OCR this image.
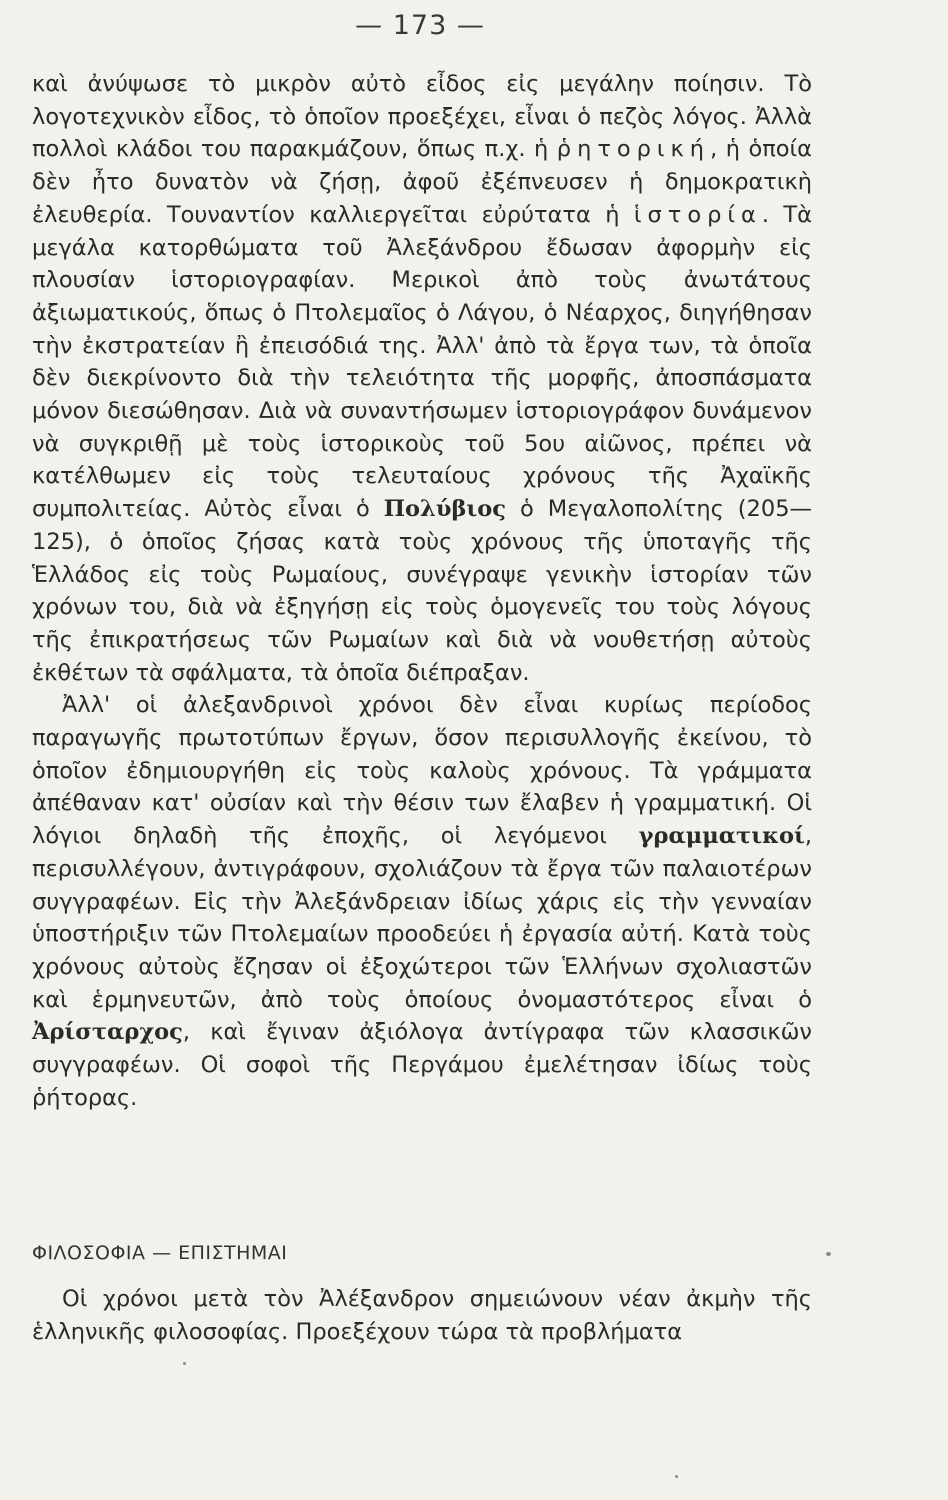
— 173 —

καὶ ἀνύψωσε τὸ μικρὸν αὐτὸ εἶδος εἰς μεγάλην ποίησιν. Τὸ λογοτεχνικὸν εἶδος, τὸ ὁποῖον προεξέχει, εἶναι ὁ πεζὸς λόγος. Ἀλλὰ πολλοὶ κλάδοι του παρακμάζουν, ὅπως π.χ. ἡ ῥητορική, ἡ ὁποία δὲν ἦτο δυνατὸν νὰ ζήσῃ, ἀφοῦ ἐξέπνευσεν ἡ δημοκρατικὴ ἐλευθερία. Τουναντίον καλλιεργεῖται εὐρύτατα ἡ ἱστορία. Τὰ μεγάλα κατορθώματα τοῦ Ἀλεξάνδρου ἔδωσαν ἀφορμὴν εἰς πλουσίαν ἱστοριογραφίαν. Μερικοὶ ἀπὸ τοὺς ἀνωτάτους ἀξιωματικούς, ὅπως ὁ Πτολεμαῖος ὁ Λάγου, ὁ Νέαρχος, διηγήθησαν τὴν ἐκστρατείαν ἢ ἐπεισόδιά της. Ἀλλ' ἀπὸ τὰ ἔργα των, τὰ ὁποῖα δὲν διεκρίνοντο διὰ τὴν τελειότητα τῆς μορφῆς, ἀποσπάσματα μόνον διεσώθησαν. Διὰ νὰ συναντήσωμεν ἱστοριογράφον δυνάμενον νὰ συγκριθῇ μὲ τοὺς ἱστορικοὺς τοῦ 5ου αἰῶνος, πρέπει νὰ κατέλθωμεν εἰς τοὺς τελευταίους χρόνους τῆς Ἀχαϊκῆς συμπολιτείας. Αὐτὸς εἶναι ὁ Πολύβιος ὁ Μεγαλοπολίτης (205—125), ὁ ὁποῖος ζήσας κατὰ τοὺς χρόνους τῆς ὑποταγῆς τῆς Ἑλλάδος εἰς τοὺς Ρωμαίους, συνέγραψε γενικὴν ἱστορίαν τῶν χρόνων του, διὰ νὰ ἐξηγήσῃ εἰς τοὺς ὁμογενεῖς του τοὺς λόγους τῆς ἐπικρατήσεως τῶν Ρωμαίων καὶ διὰ νὰ νουθετήσῃ αὐτοὺς ἐκθέτων τὰ σφάλματα, τὰ ὁποῖα διέπραξαν.

Ἀλλ' οἱ ἀλεξανδρινοὶ χρόνοι δὲν εἶναι κυρίως περίοδος παραγωγῆς πρωτοτύπων ἔργων, ὅσον περισυλλογῆς ἐκείνου, τὸ ὁποῖον ἐδημιουργήθη εἰς τοὺς καλοὺς χρόνους. Τὰ γράμματα ἀπέθαναν κατ' οὐσίαν καὶ τὴν θέσιν των ἔλαβεν ἡ γραμματική. Οἱ λόγιοι δηλαδὴ τῆς ἐποχῆς, οἱ λεγόμενοι γραμματικοί, περισυλλέγουν, ἀντιγράφουν, σχολιάζουν τὰ ἔργα τῶν παλαιοτέρων συγγραφέων. Εἰς τὴν Ἀλεξάνδρειαν ἰδίως χάρις εἰς τὴν γενναίαν ὑποστήριξιν τῶν Πτολεμαίων προοδεύει ἡ ἐργασία αὐτή. Κατὰ τοὺς χρόνους αὐτοὺς ἔζησαν οἱ ἐξοχώτεροι τῶν Ἑλλήνων σχολιαστῶν καὶ ἑρμηνευτῶν, ἀπὸ τοὺς ὁποίους ὀνομαστότερος εἶναι ὁ Ἀρίσταρχος, καὶ ἔγιναν ἀξιόλογα ἀντίγραφα τῶν κλασσικῶν συγγραφέων. Οἱ σοφοὶ τῆς Περγάμου ἐμελέτησαν ἰδίως τοὺς ῥήτορας.

ΦΙΛΟΣΟΦΙΑ — ΕΠΙΣΤΗΜΑΙ

Οἱ χρόνοι μετὰ τὸν Ἀλέξανδρον σημειώνουν νέαν ἀκμὴν τῆς ἑλληνικῆς φιλοσοφίας. Προεξέχουν τώρα τὰ προβλήματα
